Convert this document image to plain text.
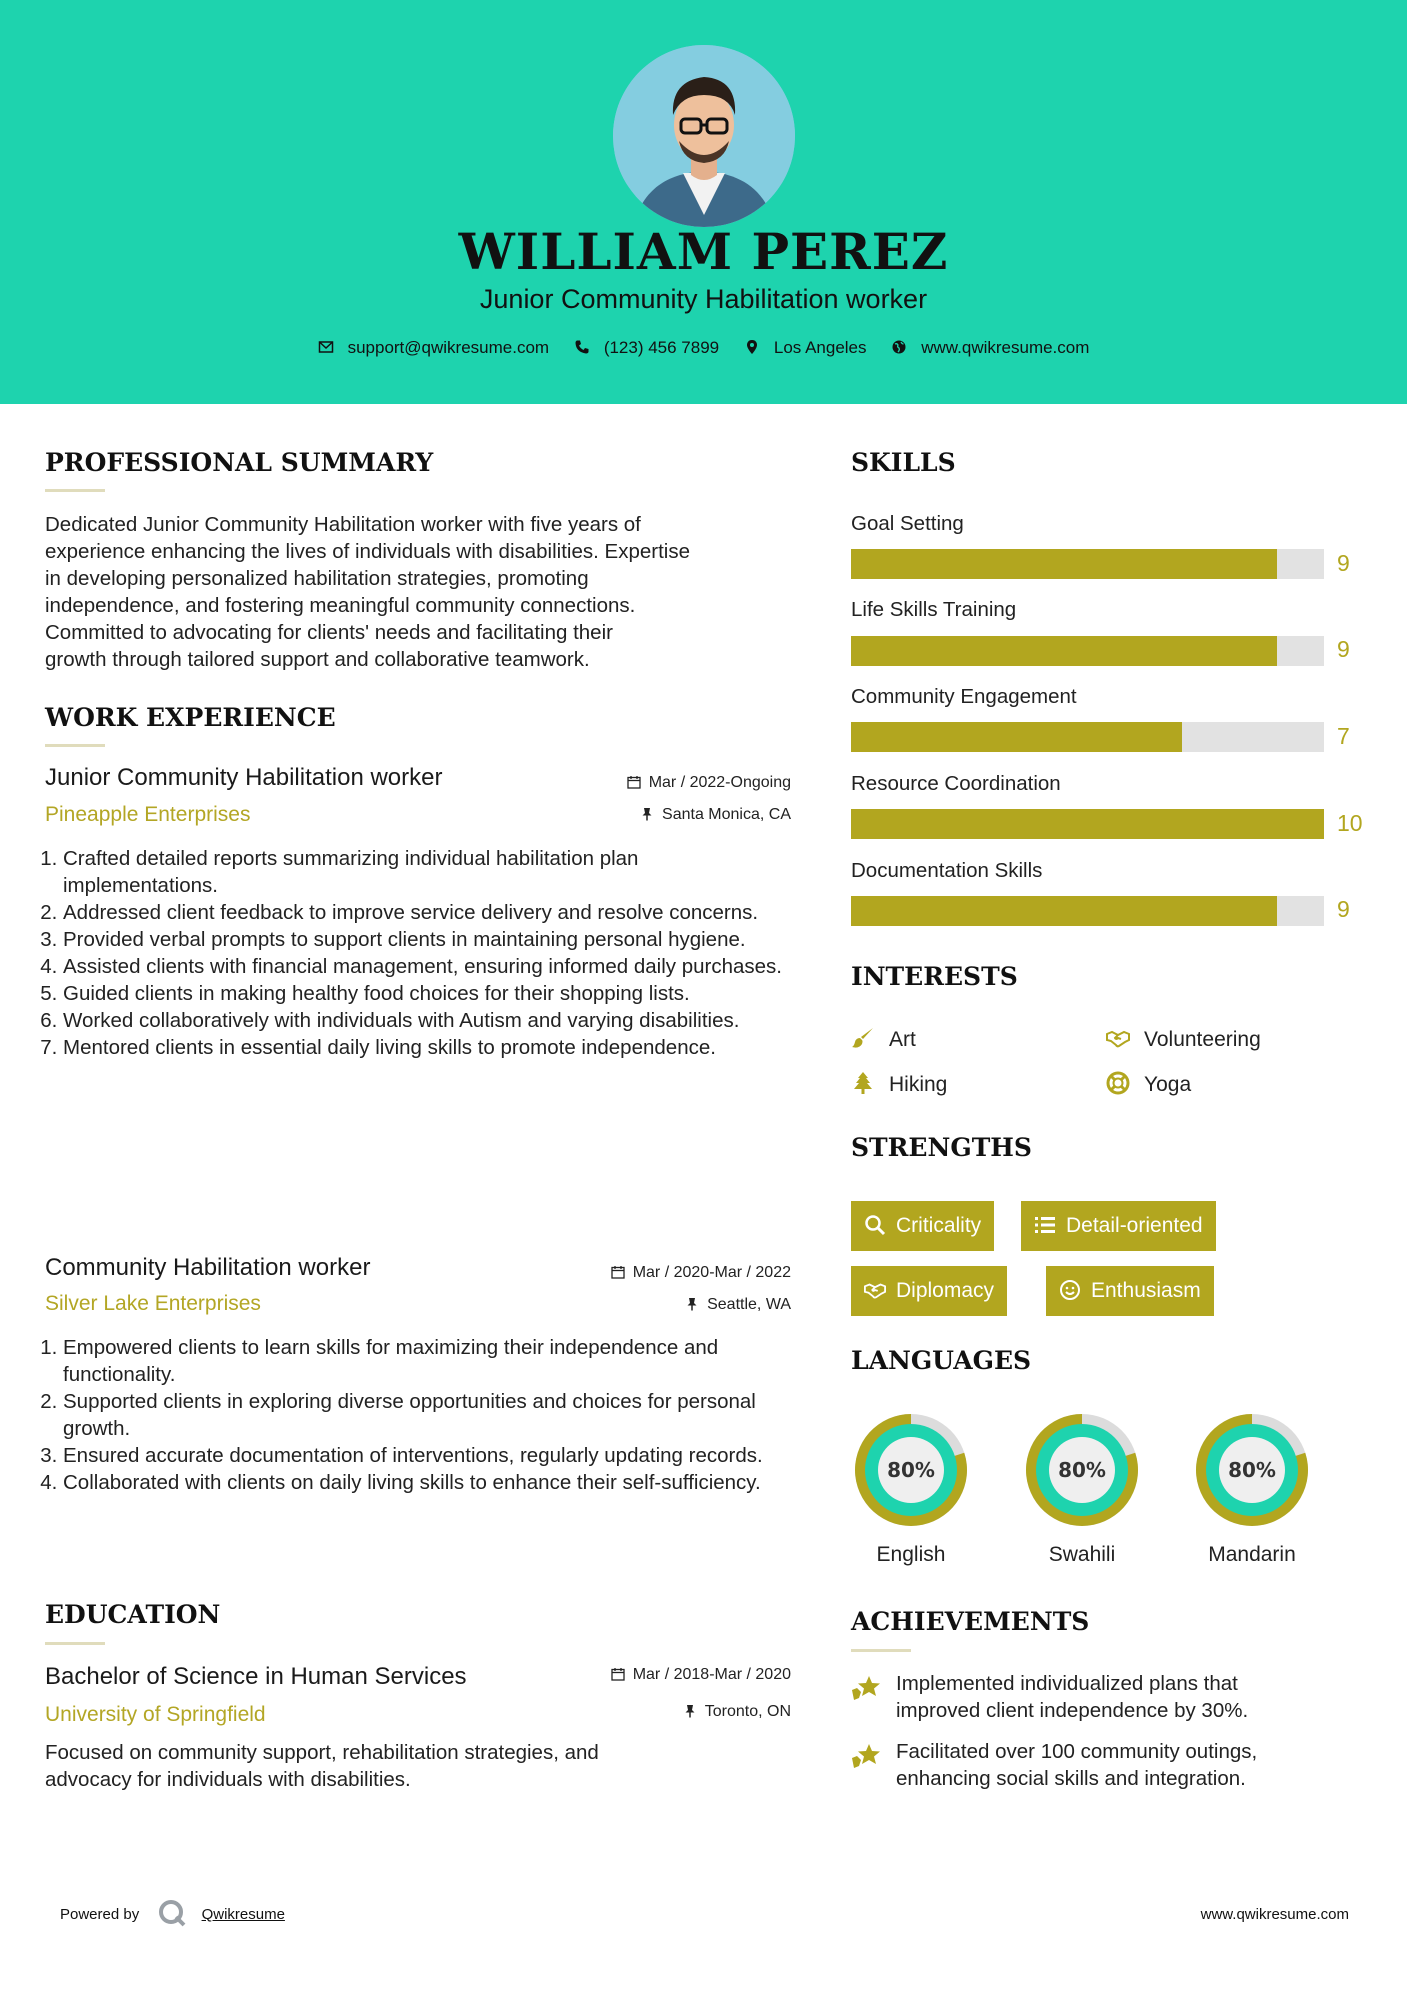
WILLIAM PEREZ
Junior Community Habilitation worker
support@qwikresume.com	(123) 456 7899	Los Angeles	www.qwikresume.com
PROFESSIONAL SUMMARY
Dedicated Junior Community Habilitation worker with five years of
experience enhancing the lives of individuals with disabilities. Expertise
in developing personalized habilitation strategies, promoting
independence, and fostering meaningful community connections.
Committed to advocating for clients' needs and facilitating their
growth through tailored support and collaborative teamwork.
WORK EXPERIENCE
Junior Community Habilitation worker
Pineapple Enterprises
Mar / 2022-Ongoing
Santa Monica, CA
1. Crafted detailed reports summarizing individual habilitation plan implementations.
2. Addressed client feedback to improve service delivery and resolve concerns.
3. Provided verbal prompts to support clients in maintaining personal hygiene.
4. Assisted clients with financial management, ensuring informed daily purchases.
5. Guided clients in making healthy food choices for their shopping lists.
6. Worked collaboratively with individuals with Autism and varying disabilities.
7. Mentored clients in essential daily living skills to promote independence.
Community Habilitation worker
Silver Lake Enterprises
Mar / 2020-Mar / 2022
Seattle, WA
1. Empowered clients to learn skills for maximizing their independence and functionality.
2. Supported clients in exploring diverse opportunities and choices for personal growth.
3. Ensured accurate documentation of interventions, regularly updating records.
4. Collaborated with clients on daily living skills to enhance their self-sufficiency.
EDUCATION
Bachelor of Science in Human Services
University of Springfield
Mar / 2018-Mar / 2020
Toronto, ON
Focused on community support, rehabilitation strategies, and
advocacy for individuals with disabilities.
SKILLS
Goal Setting
9
Life Skills Training
9
Community Engagement
7
Resource Coordination
10
Documentation Skills
9
INTERESTS
Art	Volunteering
Hiking	Yoga
STRENGTHS
Criticality	Detail-oriented
Diplomacy	Enthusiasm
LANGUAGES
80%
English
80%
Swahili
80%
Mandarin
ACHIEVEMENTS
Implemented individualized plans that
improved client independence by 30%.
Facilitated over 100 community outings,
enhancing social skills and integration.
Powered by	Qwikresume	www.qwikresume.com
